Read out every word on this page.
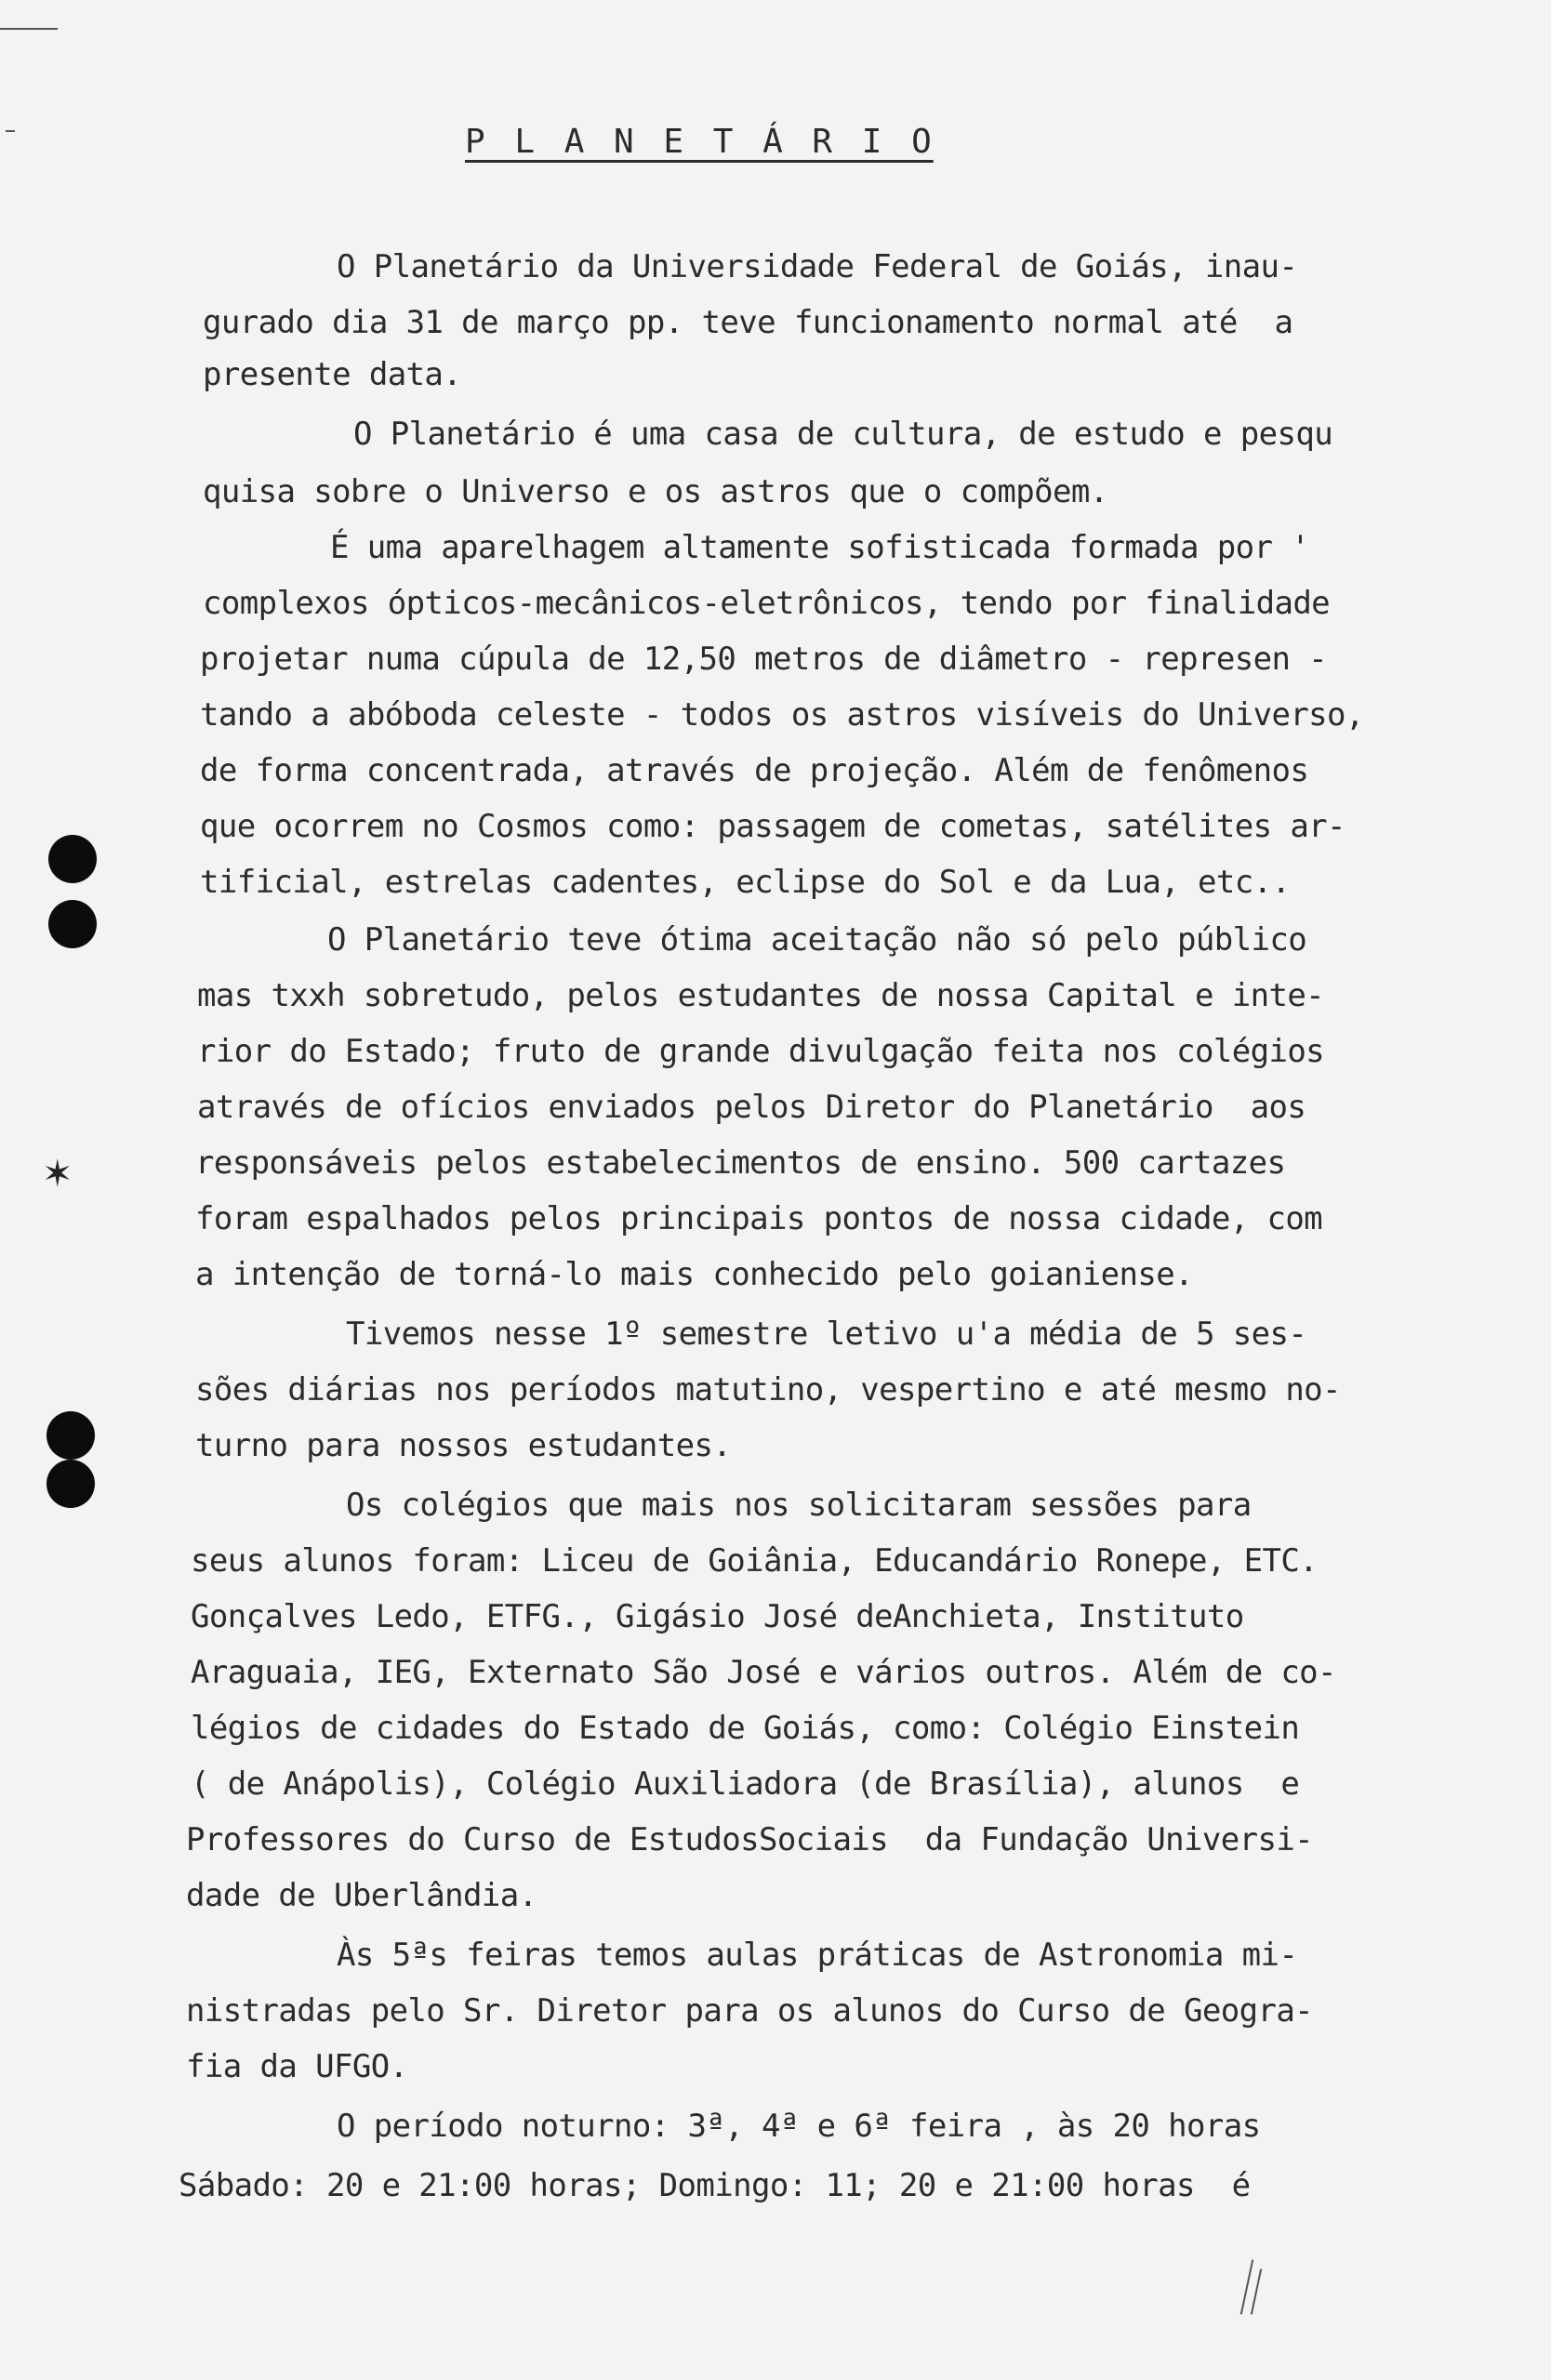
P L A N E T Á R I O
O Planetário da Universidade Federal de Goiás, inau-
gurado dia 31 de março pp. teve funcionamento normal até  a
presente data.
O Planetário é uma casa de cultura, de estudo e pesqu
quisa sobre o Universo e os astros que o compõem.
É uma aparelhagem altamente sofisticada formada por '
complexos ópticos-mecânicos-eletrônicos, tendo por finalidade
projetar numa cúpula de 12,50 metros de diâmetro - represen -
tando a abóboda celeste - todos os astros visíveis do Universo,
de forma concentrada, através de projeção. Além de fenômenos
que ocorrem no Cosmos como: passagem de cometas, satélites ar-
tificial, estrelas cadentes, eclipse do Sol e da Lua, etc..
O Planetário teve ótima aceitação não só pelo público
mas txxh sobretudo, pelos estudantes de nossa Capital e inte-
rior do Estado; fruto de grande divulgação feita nos colégios
através de ofícios enviados pelos Diretor do Planetário  aos
responsáveis pelos estabelecimentos de ensino. 500 cartazes
foram espalhados pelos principais pontos de nossa cidade, com
a intenção de torná-lo mais conhecido pelo goianiense.
Tivemos nesse 1º semestre letivo u'a média de 5 ses-
sões diárias nos períodos matutino, vespertino e até mesmo no-
turno para nossos estudantes.
Os colégios que mais nos solicitaram sessões para
seus alunos foram: Liceu de Goiânia, Educandário Ronepe, ETC.
Gonçalves Ledo, ETFG., Gigásio José deAnchieta, Instituto
Araguaia, IEG, Externato São José e vários outros. Além de co-
légios de cidades do Estado de Goiás, como: Colégio Einstein
( de Anápolis), Colégio Auxiliadora (de Brasília), alunos  e
Professores do Curso de EstudosSociais  da Fundação Universi-
dade de Uberlândia.
Às 5ªs feiras temos aulas práticas de Astronomia mi-
nistradas pelo Sr. Diretor para os alunos do Curso de Geogra-
fia da UFGO.
O período noturno: 3ª, 4ª e 6ª feira , às 20 horas
Sábado: 20 e 21:00 horas; Domingo: 11; 20 e 21:00 horas  é
✶
